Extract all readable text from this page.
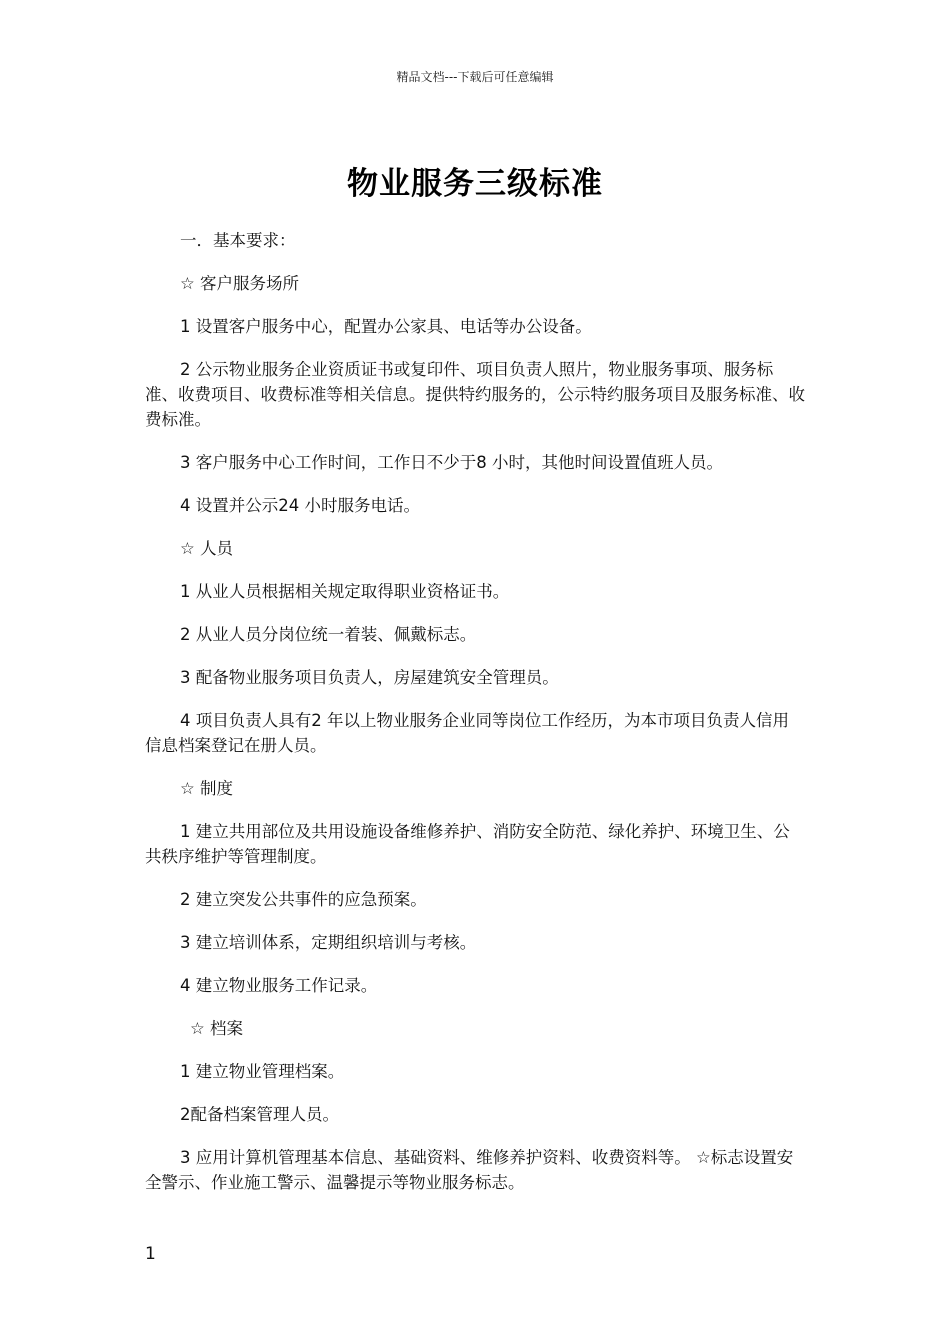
精品文档---下载后可任意编辑
物业服务三级标准

一．基本要求：

☆ 客户服务场所

1 设置客户服务中心，配置办公家具、电话等办公设备。

2 公示物业服务企业资质证书或复印件、项目负责人照片，物业服务事项、服务标准、收费项目、收费标准等相关信息。提供特约服务的，公示特约服务项目及服务标准、收费标准。

3 客户服务中心工作时间，工作日不少于8 小时，其他时间设置值班人员。

4 设置并公示24 小时服务电话。

☆ 人员

1 从业人员根据相关规定取得职业资格证书。

2 从业人员分岗位统一着装、佩戴标志。

3 配备物业服务项目负责人，房屋建筑安全管理员。

4 项目负责人具有2 年以上物业服务企业同等岗位工作经历，为本市项目负责人信用信息档案登记在册人员。

☆ 制度

1 建立共用部位及共用设施设备维修养护、消防安全防范、绿化养护、环境卫生、公共秩序维护等管理制度。

2 建立突发公共事件的应急预案。

3 建立培训体系，定期组织培训与考核。

4 建立物业服务工作记录。

☆ 档案

1 建立物业管理档案。

2配备档案管理人员。

3 应用计算机管理基本信息、基础资料、维修养护资料、收费资料等。 ☆标志设置安全警示、作业施工警示、温馨提示等物业服务标志。

1
